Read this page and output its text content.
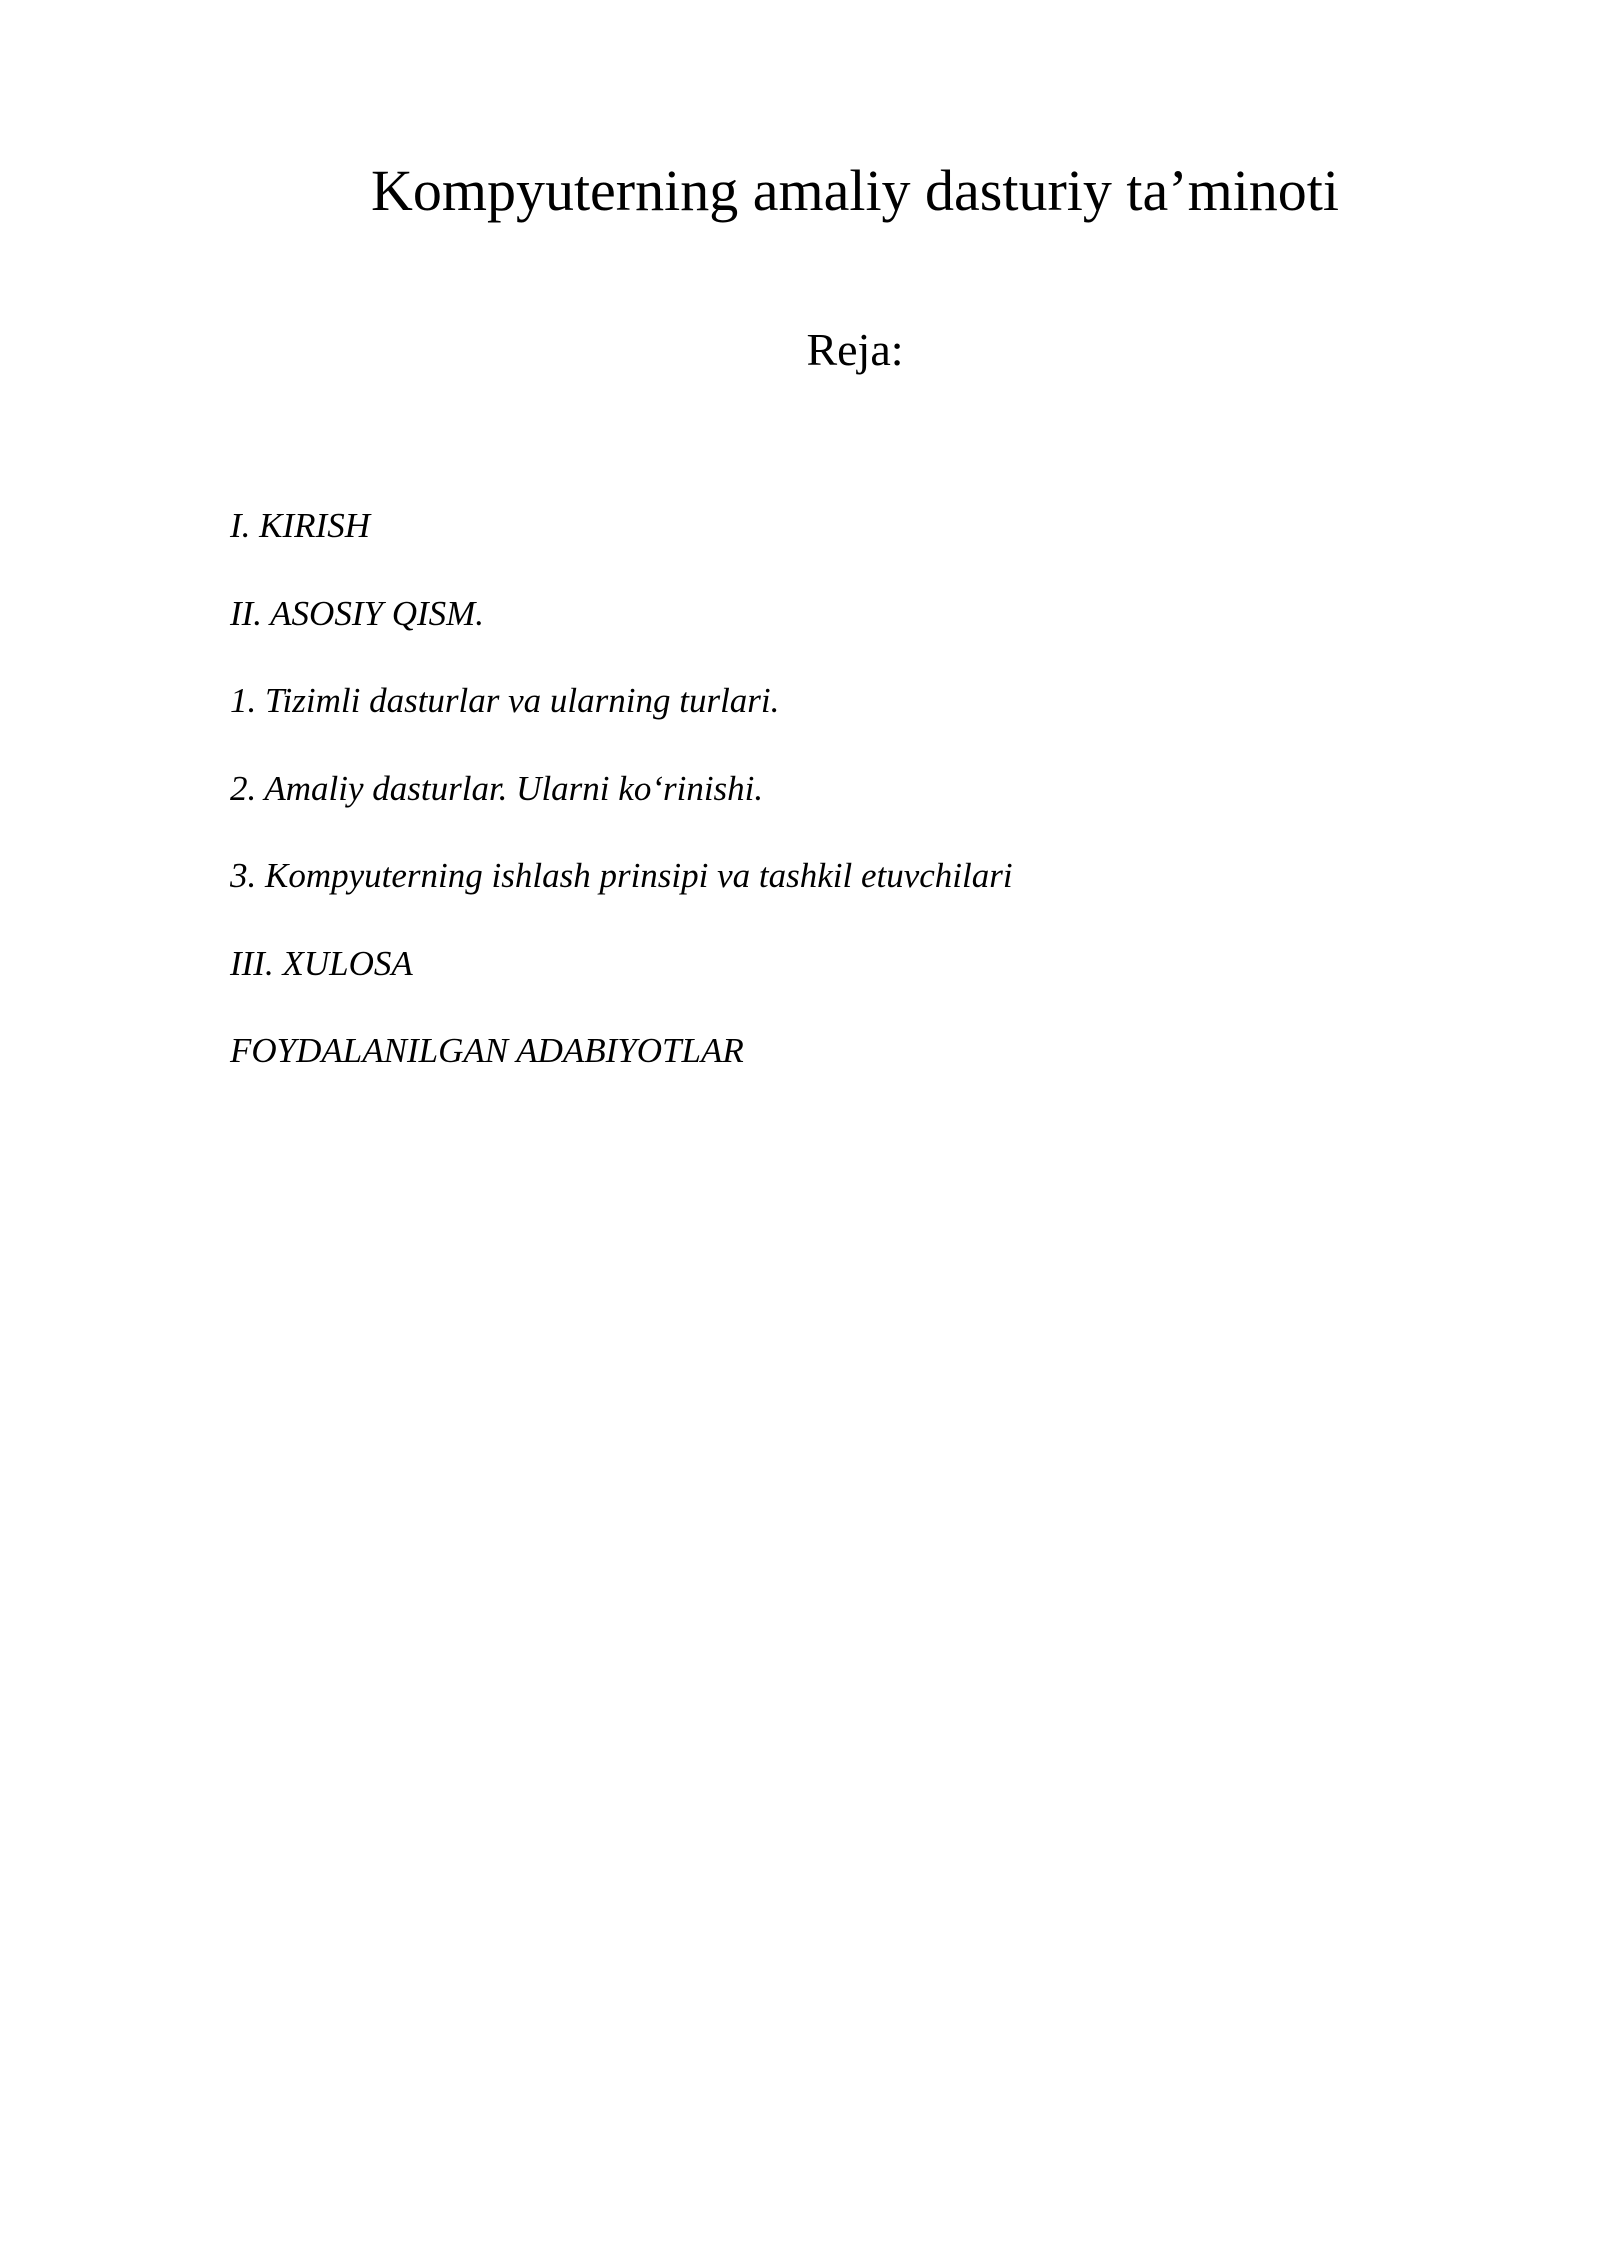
Kompyuterning amaliy dasturiy ta’minoti
Reja:
I. KIRISH
II. ASOSIY QISM.
1. Tizimli dasturlar va ularning turlari.
2. Amaliy dasturlar. Ularni ko‘rinishi.
3. Kompyuterning ishlash prinsipi va tashkil etuvchilari
III. XULOSA
FOYDALANILGAN ADABIYOTLAR
